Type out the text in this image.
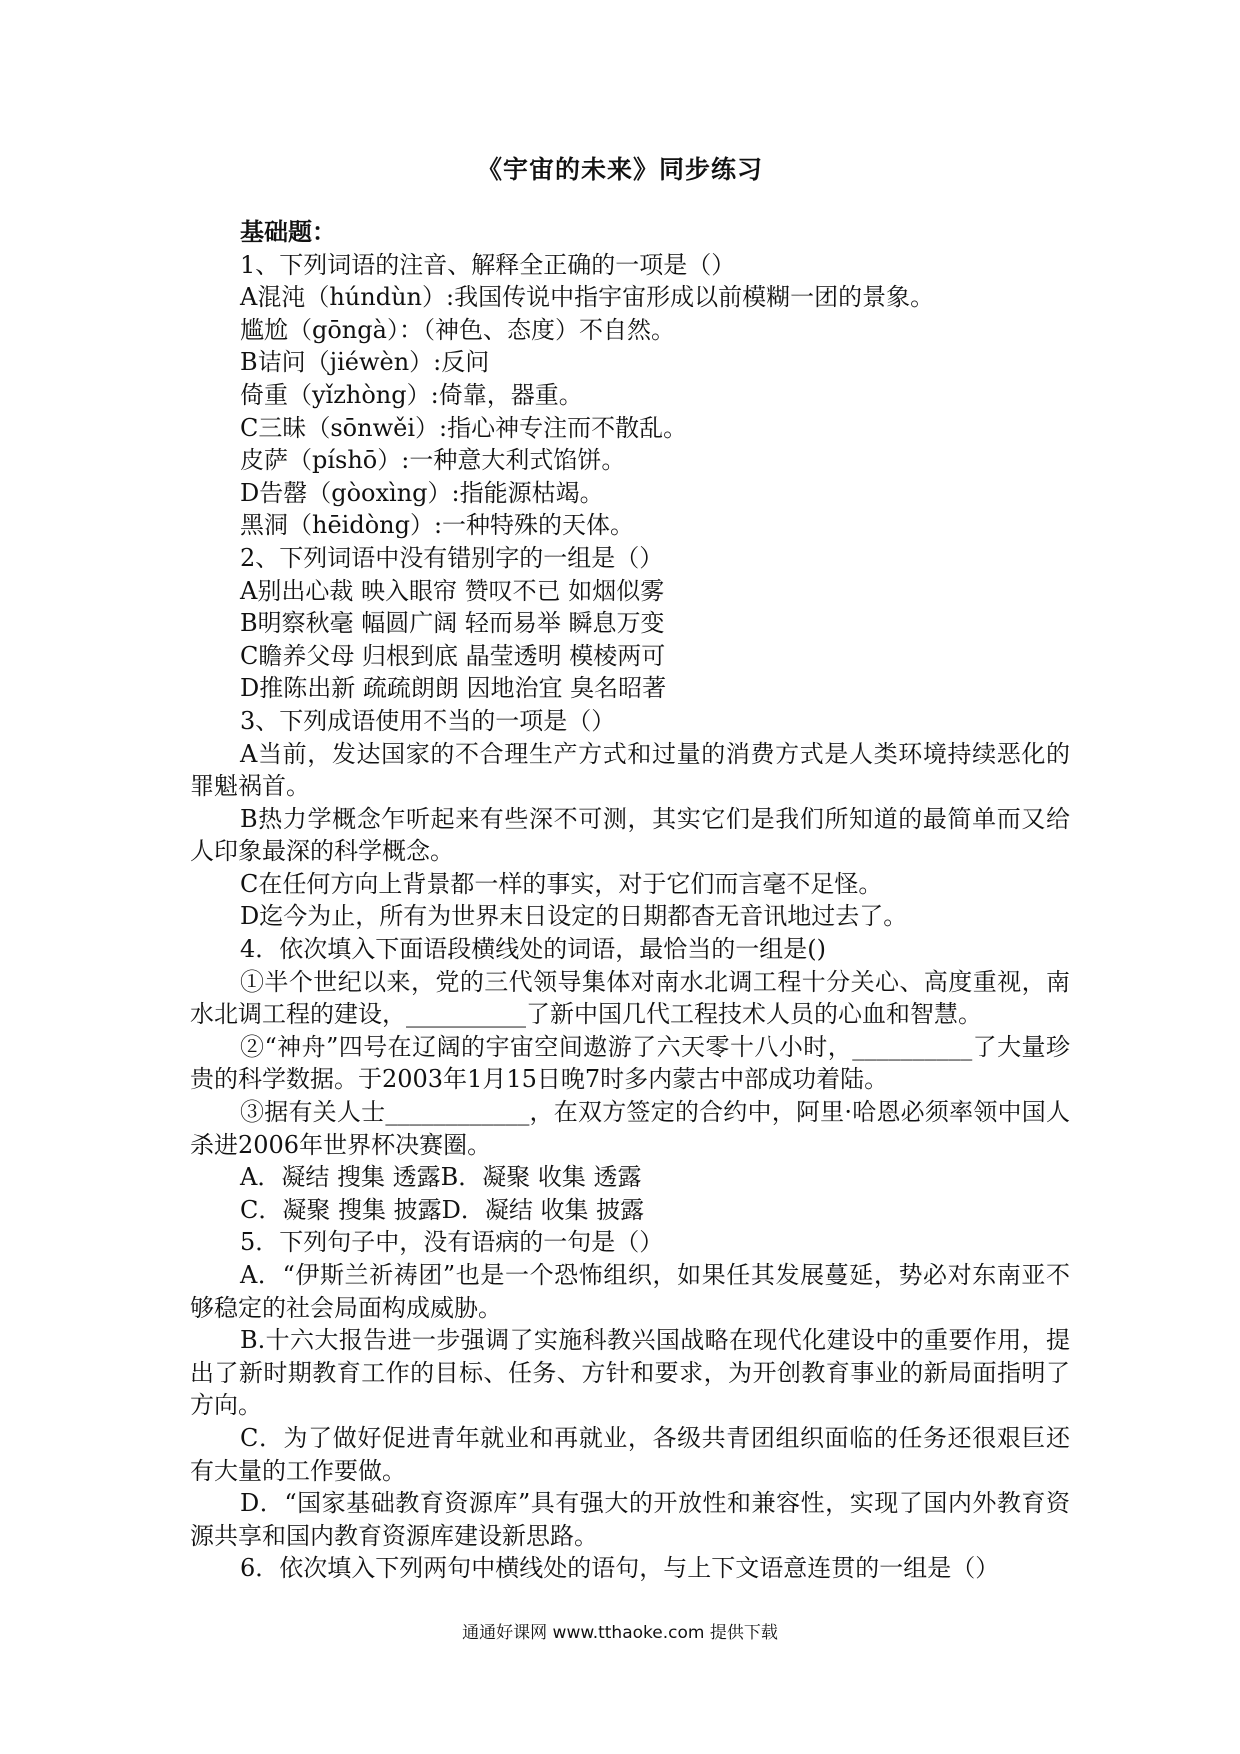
《宇宙的未来》同步练习
基础题：
1、下列词语的注音、解释全正确的一项是（）
A混沌（húndùn）:我国传说中指宇宙形成以前模糊一团的景象。
尴尬（gōngà）：（神色、态度）不自然。
B诘问（jiéwèn）:反问
倚重（yǐzhòng）:倚靠，器重。
C三昧（sōnwěi）:指心神专注而不散乱。
皮萨（píshō）:一种意大利式馅饼。
D告罄（gòoxìng）:指能源枯竭。
黑洞（hēidòng）:一种特殊的天体。
2、下列词语中没有错别字的一组是（）
A别出心裁 映入眼帘 赞叹不已 如烟似雾
B明察秋毫 幅圆广阔 轻而易举 瞬息万变
C瞻养父母 归根到底 晶莹透明 模棱两可
D推陈出新 疏疏朗朗 因地治宜 臭名昭著
3、下列成语使用不当的一项是（）
A当前，发达国家的不合理生产方式和过量的消费方式是人类环境持续恶化的罪魁祸首。
B热力学概念乍听起来有些深不可测，其实它们是我们所知道的最简单而又给人印象最深的科学概念。
C在任何方向上背景都一样的事实，对于它们而言毫不足怪。
D迄今为止，所有为世界末日设定的日期都杳无音讯地过去了。
4．依次填入下面语段横线处的词语，最恰当的一组是()
①半个世纪以来，党的三代领导集体对南水北调工程十分关心、高度重视，南水北调工程的建设，__________了新中国几代工程技术人员的心血和智慧。
②“神舟”四号在辽阔的宇宙空间遨游了六天零十八小时，__________了大量珍贵的科学数据。于2003年1月15日晚7时多内蒙古中部成功着陆。
③据有关人士____________，在双方签定的合约中，阿里·哈恩必须率领中国人杀进2006年世界杯决赛圈。
A．凝结 搜集 透露B．凝聚 收集 透露
C．凝聚 搜集 披露D．凝结 收集 披露
5．下列句子中，没有语病的一句是（）
A．“伊斯兰祈祷团”也是一个恐怖组织，如果任其发展蔓延，势必对东南亚不够稳定的社会局面构成威胁。
B.十六大报告进一步强调了实施科教兴国战略在现代化建设中的重要作用，提出了新时期教育工作的目标、任务、方针和要求，为开创教育事业的新局面指明了方向。
C．为了做好促进青年就业和再就业，各级共青团组织面临的任务还很艰巨还有大量的工作要做。
D．“国家基础教育资源库”具有强大的开放性和兼容性，实现了国内外教育资源共享和国内教育资源库建设新思路。
6．依次填入下列两句中横线处的语句，与上下文语意连贯的一组是（）
通通好课网 www.tthaoke.com 提供下载
